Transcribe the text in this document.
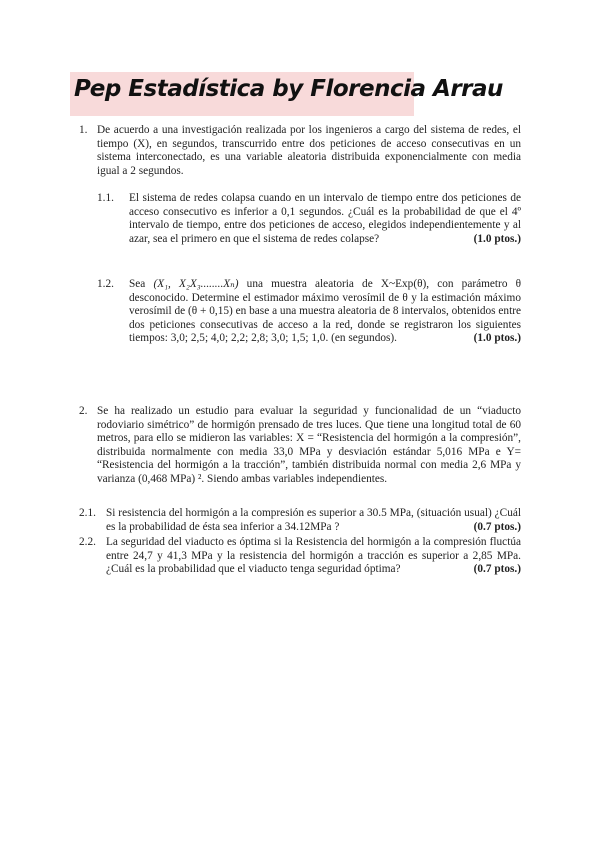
Pep Estadística by Florencia Arrau
1. De acuerdo a una investigación realizada por los ingenieros a cargo del sistema de redes, el tiempo (X), en segundos, transcurrido entre dos peticiones de acceso consecutivas en un sistema interconectado, es una variable aleatoria distribuida exponencialmente con media igual a 2 segundos.
1.1. El sistema de redes colapsa cuando en un intervalo de tiempo entre dos peticiones de acceso consecutivo es inferior a 0,1 segundos. ¿Cuál es la probabilidad de que el 4º intervalo de tiempo, entre dos peticiones de acceso, elegidos independientemente y al azar, sea el primero en que el sistema de redes colapse?	(1.0 ptos.)
1.2. Sea (X₁, X₂X₃........Xₙ) una muestra aleatoria de X~Exp(θ), con parámetro θ desconocido. Determine el estimador máximo verosímil de θ y la estimación máximo verosímil de (θ + 0,15) en base a una muestra aleatoria de 8 intervalos, obtenidos entre dos peticiones consecutivas de acceso a la red, donde se registraron los siguientes tiempos: 3,0; 2,5; 4,0; 2,2; 2,8; 3,0; 1,5; 1,0. (en segundos).	(1.0 ptos.)
2. Se ha realizado un estudio para evaluar la seguridad y funcionalidad de un “viaducto rodoviario simétrico” de hormigón prensado de tres luces. Que tiene una longitud total de 60 metros, para ello se midieron las variables: X = “Resistencia del hormigón a la compresión”, distribuida normalmente con media 33,0 MPa y desviación estándar 5,016 MPa e Y= “Resistencia del hormigón a la tracción”, también distribuida normal con media 2,6 MPa y varianza (0,468 MPa) ². Siendo ambas variables independientes.
2.1. Si resistencia del hormigón a la compresión es superior a 30.5 MPa, (situación usual) ¿Cuál es la probabilidad de ésta sea inferior a 34.12MPa ?	(0.7 ptos.)
2.2. La seguridad del viaducto es óptima si la Resistencia del hormigón a la compresión fluctúa entre 24,7 y 41,3 MPa y la resistencia del hormigón a tracción es superior a 2,85 MPa. ¿Cuál es la probabilidad que el viaducto tenga seguridad óptima?	(0.7 ptos.)
